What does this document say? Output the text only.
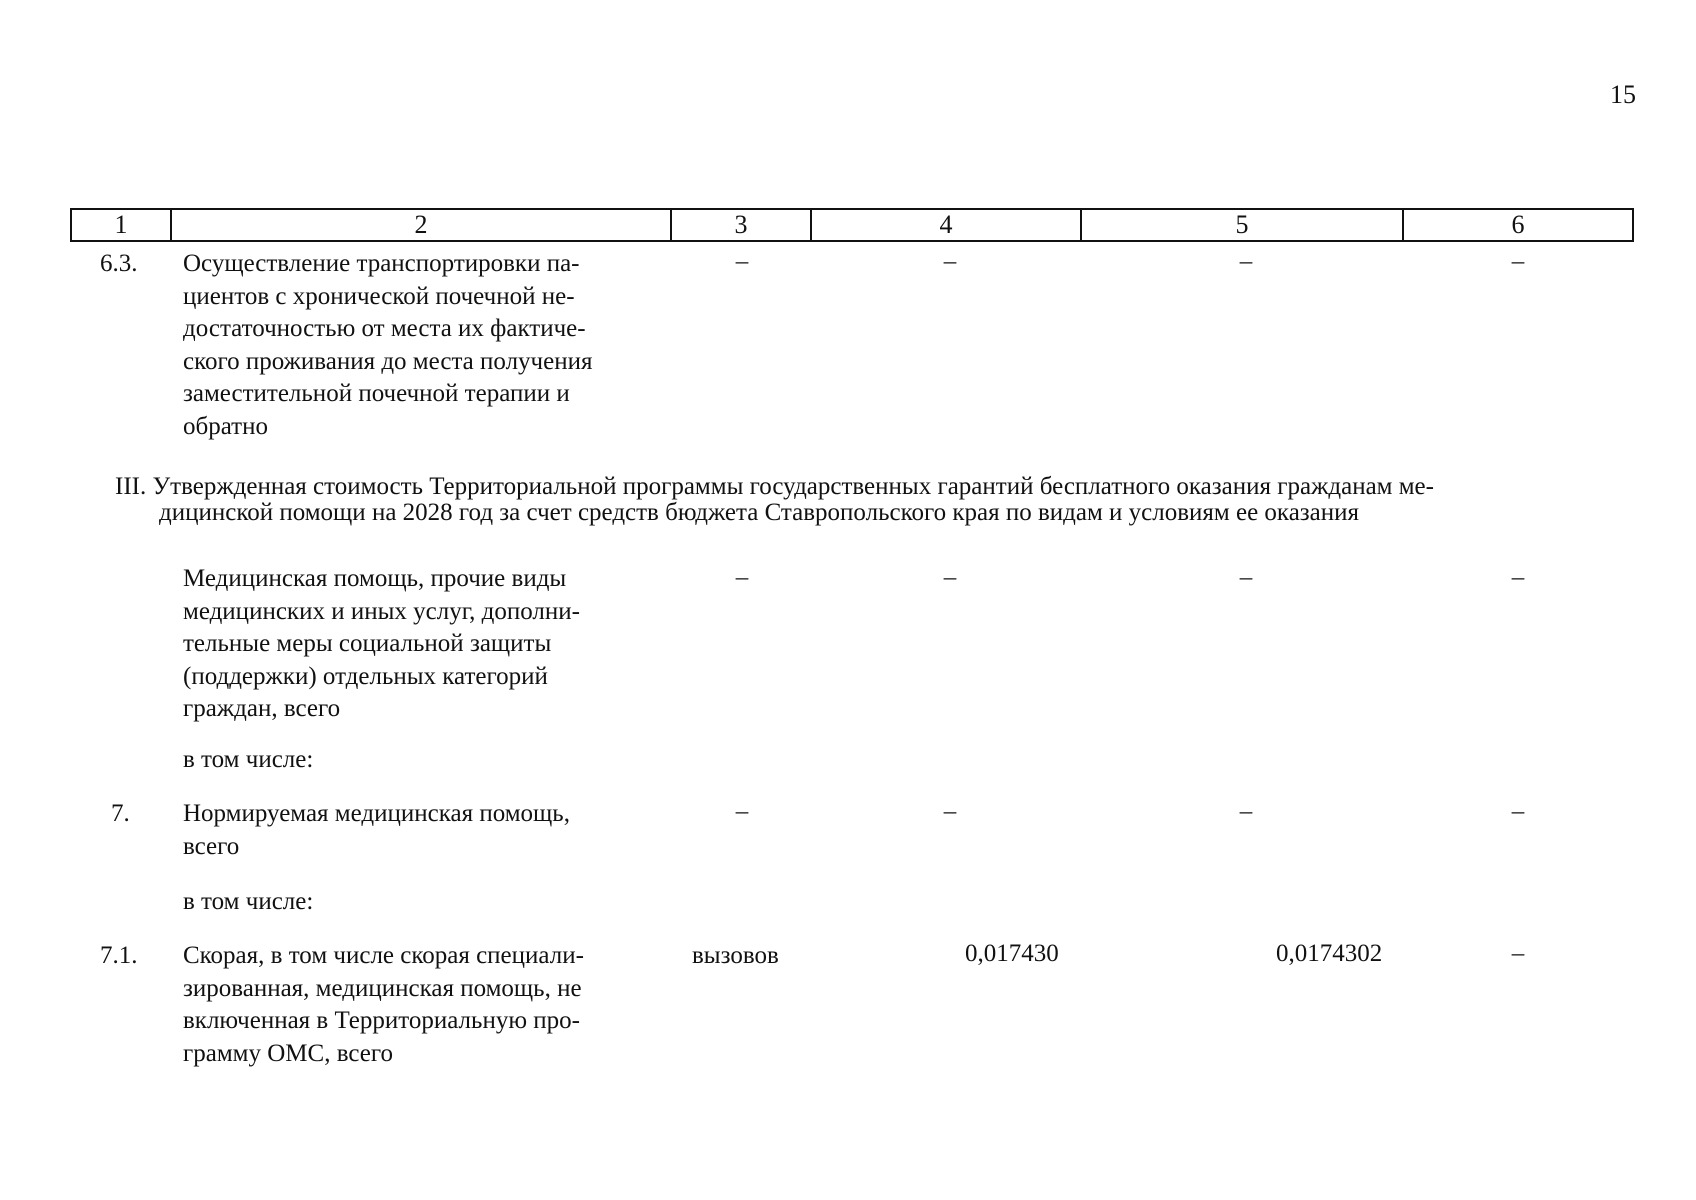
15
1	2	3	4	5	6
6.3. Осуществление транспортировки па-
циентов с хронической почечной не-
достаточностью от места их фактиче-
ского проживания до места получения
заместительной почечной терапии и
обратно
–	–	–	–
III. Утвержденная стоимость Территориальной программы государственных гарантий бесплатного оказания гражданам ме-
дицинской помощи на 2028 год за счет средств бюджета Ставропольского края по видам и условиям ее оказания
Медицинская помощь, прочие виды
медицинских и иных услуг, дополни-
тельные меры социальной защиты
(поддержки) отдельных категорий
граждан, всего
–	–	–	–
в том числе:
7. Нормируемая медицинская помощь,
всего
–	–	–	–
в том числе:
7.1. Скорая, в том числе скорая специали-
зированная, медицинская помощь, не
включенная в Территориальную про-
грамму ОМС, всего
вызовов	0,017430	0,0174302	–
